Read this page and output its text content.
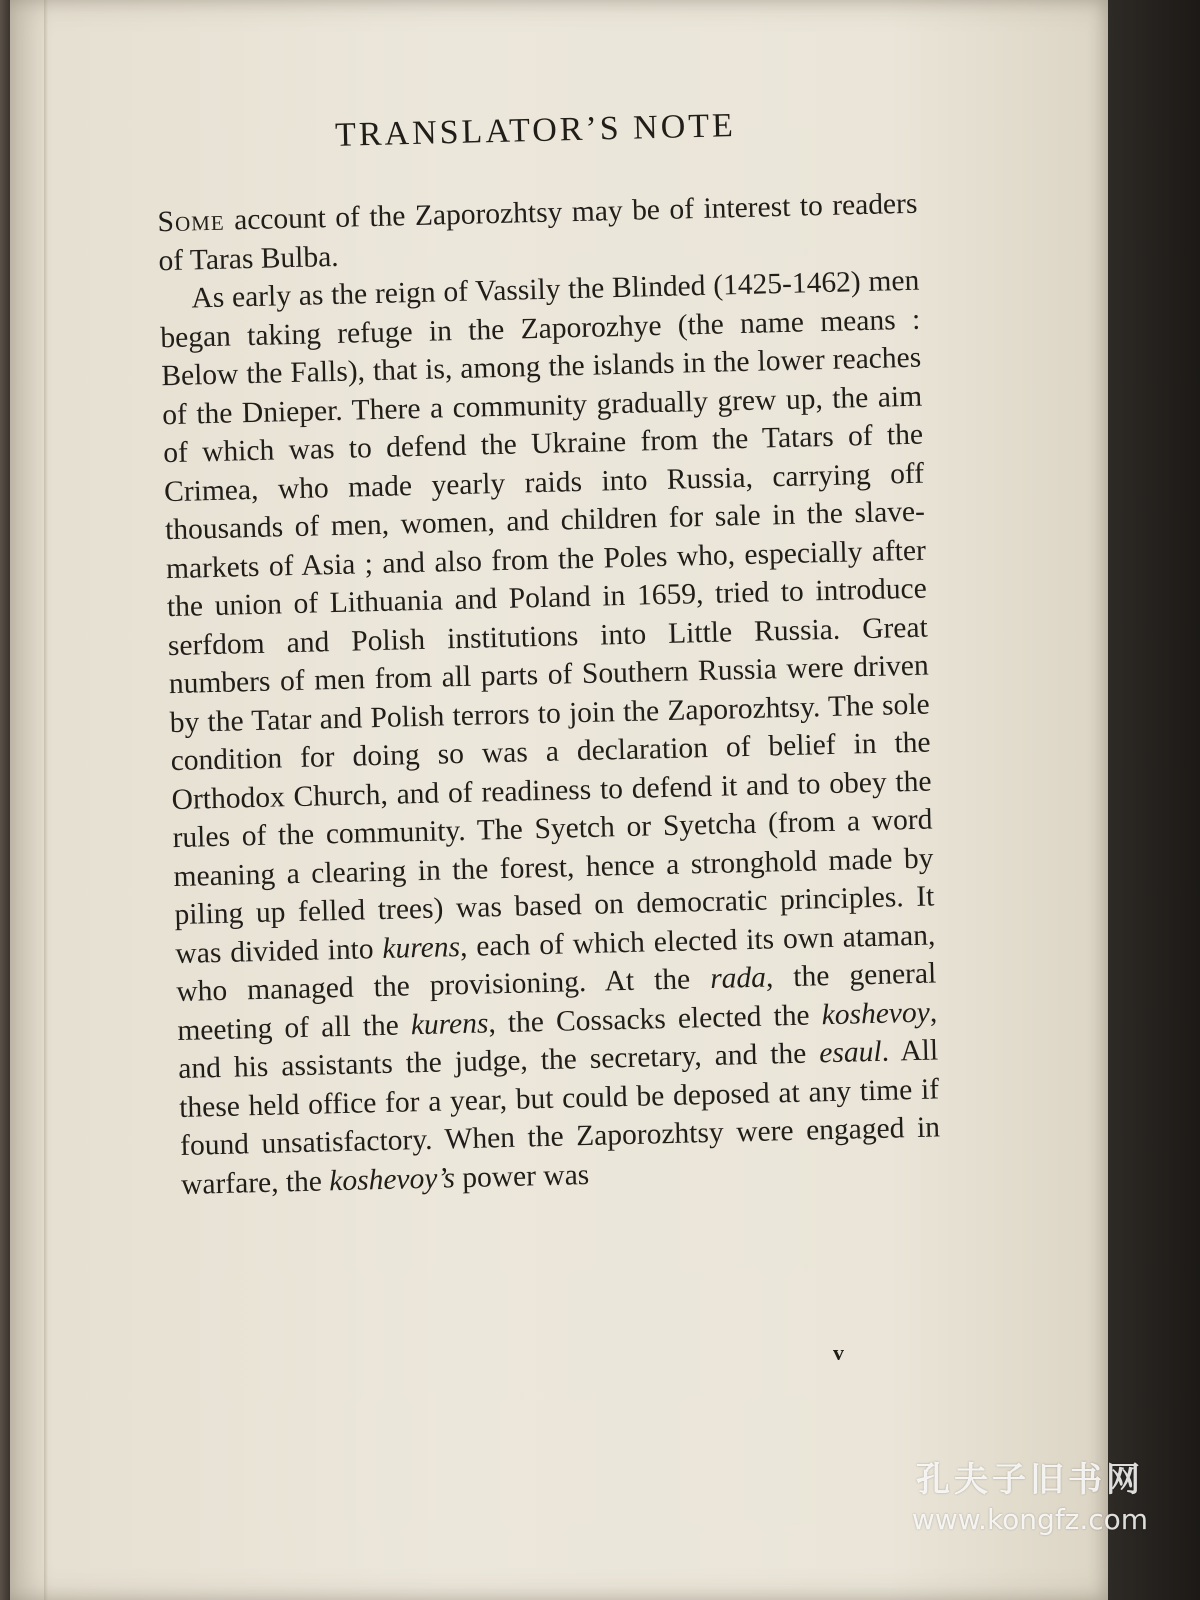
TRANSLATOR’S NOTE

Some account of the Zaporozhtsy may be of interest to readers of Taras Bulba.

As early as the reign of Vassily the Blinded (1425-1462) men began taking refuge in the Zaporozhye (the name means : Below the Falls), that is, among the islands in the lower reaches of the Dnieper. There a community gradually grew up, the aim of which was to defend the Ukraine from the Tatars of the Crimea, who made yearly raids into Russia, carrying off thousands of men, women, and children for sale in the slave-markets of Asia ; and also from the Poles who, especially after the union of Lithuania and Poland in 1659, tried to introduce serfdom and Polish institutions into Little Russia. Great numbers of men from all parts of Southern Russia were driven by the Tatar and Polish terrors to join the Zaporozhtsy. The sole condition for doing so was a declaration of belief in the Orthodox Church, and of readiness to defend it and to obey the rules of the community. The Syetch or Syetcha (from a word meaning a clearing in the forest, hence a stronghold made by piling up felled trees) was based on democratic principles. It was divided into kurens, each of which elected its own ataman, who managed the provisioning. At the rada, the general meeting of all the kurens, the Cossacks elected the koshevoy, and his assistants the judge, the secretary, and the esaul. All these held office for a year, but could be deposed at any time if found unsatisfactory. When the Zaporozhtsy were engaged in warfare, the koshevoy’s power was

v
孔夫子旧书网
www.kongfz.com
